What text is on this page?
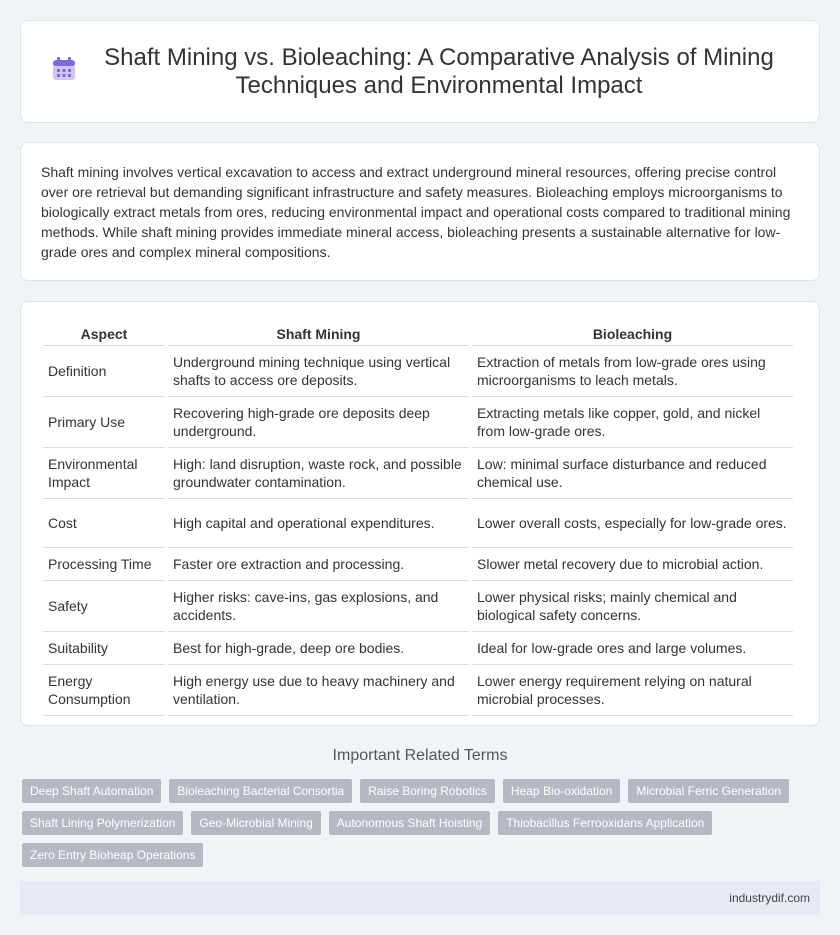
Shaft Mining vs. Bioleaching: A Comparative Analysis of Mining Techniques and Environmental Impact

Shaft mining involves vertical excavation to access and extract underground mineral resources, offering precise control over ore retrieval but demanding significant infrastructure and safety measures. Bioleaching employs microorganisms to biologically extract metals from ores, reducing environmental impact and operational costs compared to traditional mining methods. While shaft mining provides immediate mineral access, bioleaching presents a sustainable alternative for low-grade ores and complex mineral compositions.

Aspect	Shaft Mining	Bioleaching
Definition	Underground mining technique using vertical shafts to access ore deposits.	Extraction of metals from low-grade ores using microorganisms to leach metals.
Primary Use	Recovering high-grade ore deposits deep underground.	Extracting metals like copper, gold, and nickel from low-grade ores.
Environmental Impact	High: land disruption, waste rock, and possible groundwater contamination.	Low: minimal surface disturbance and reduced chemical use.
Cost	High capital and operational expenditures.	Lower overall costs, especially for low-grade ores.
Processing Time	Faster ore extraction and processing.	Slower metal recovery due to microbial action.
Safety	Higher risks: cave-ins, gas explosions, and accidents.	Lower physical risks; mainly chemical and biological safety concerns.
Suitability	Best for high-grade, deep ore bodies.	Ideal for low-grade ores and large volumes.
Energy Consumption	High energy use due to heavy machinery and ventilation.	Lower energy requirement relying on natural microbial processes.
Important Related Terms
Deep Shaft Automation	Bioleaching Bacterial Consortia	Raise Boring Robotics	Heap Bio-oxidation	Microbial Ferric Generation
Shaft Lining Polymerization	Geo-Microbial Mining	Autonomous Shaft Hoisting	Thiobacillus Ferrooxidans Application
Zero Entry Bioheap Operations
industrydif.com
